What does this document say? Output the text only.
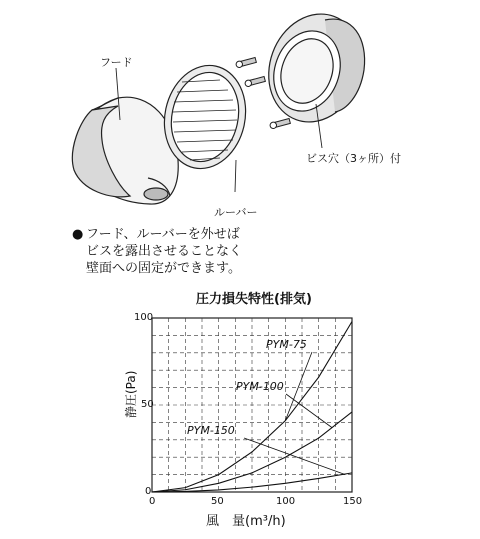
フード
ルーバー
ビス穴（3ヶ所）付
● フード、ルーバーを外せば
ビスを露出させることなく
壁面への固定ができます。
圧力損失特性(排気)
100
50
0
0	50	100	150
静圧(Pa)
風　量(m³/h)
PYM-75
PYM-100
PYM-150
